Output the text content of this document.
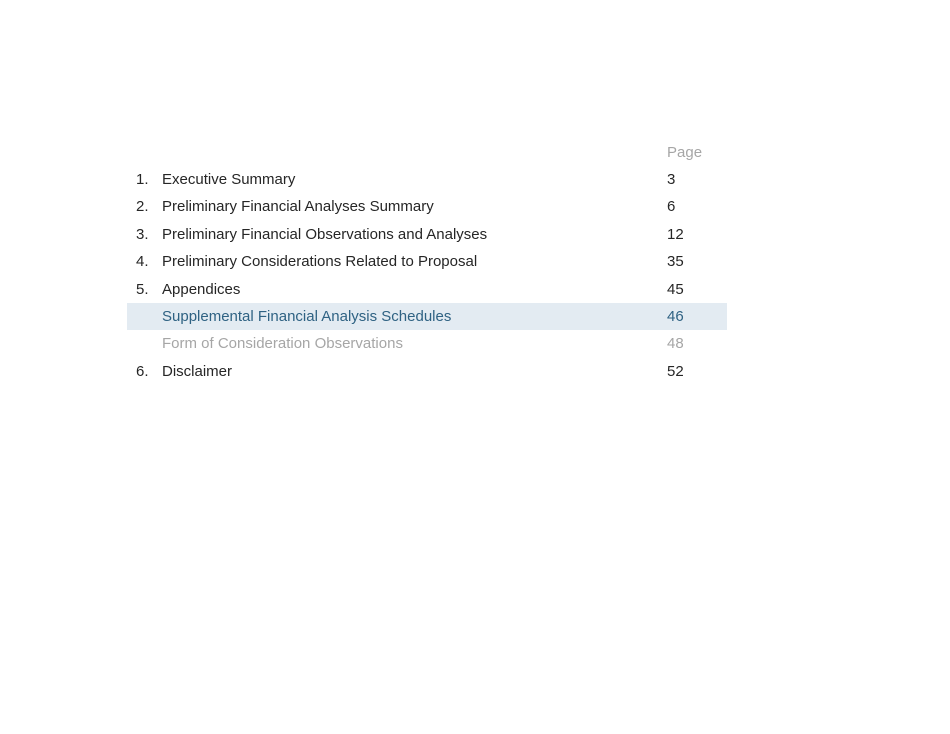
Page
1. Executive Summary	3
2. Preliminary Financial Analyses Summary	6
3. Preliminary Financial Observations and Analyses	12
4. Preliminary Considerations Related to Proposal	35
5. Appendices	45
Supplemental Financial Analysis Schedules	46
Form of Consideration Observations	48
6. Disclaimer	52
